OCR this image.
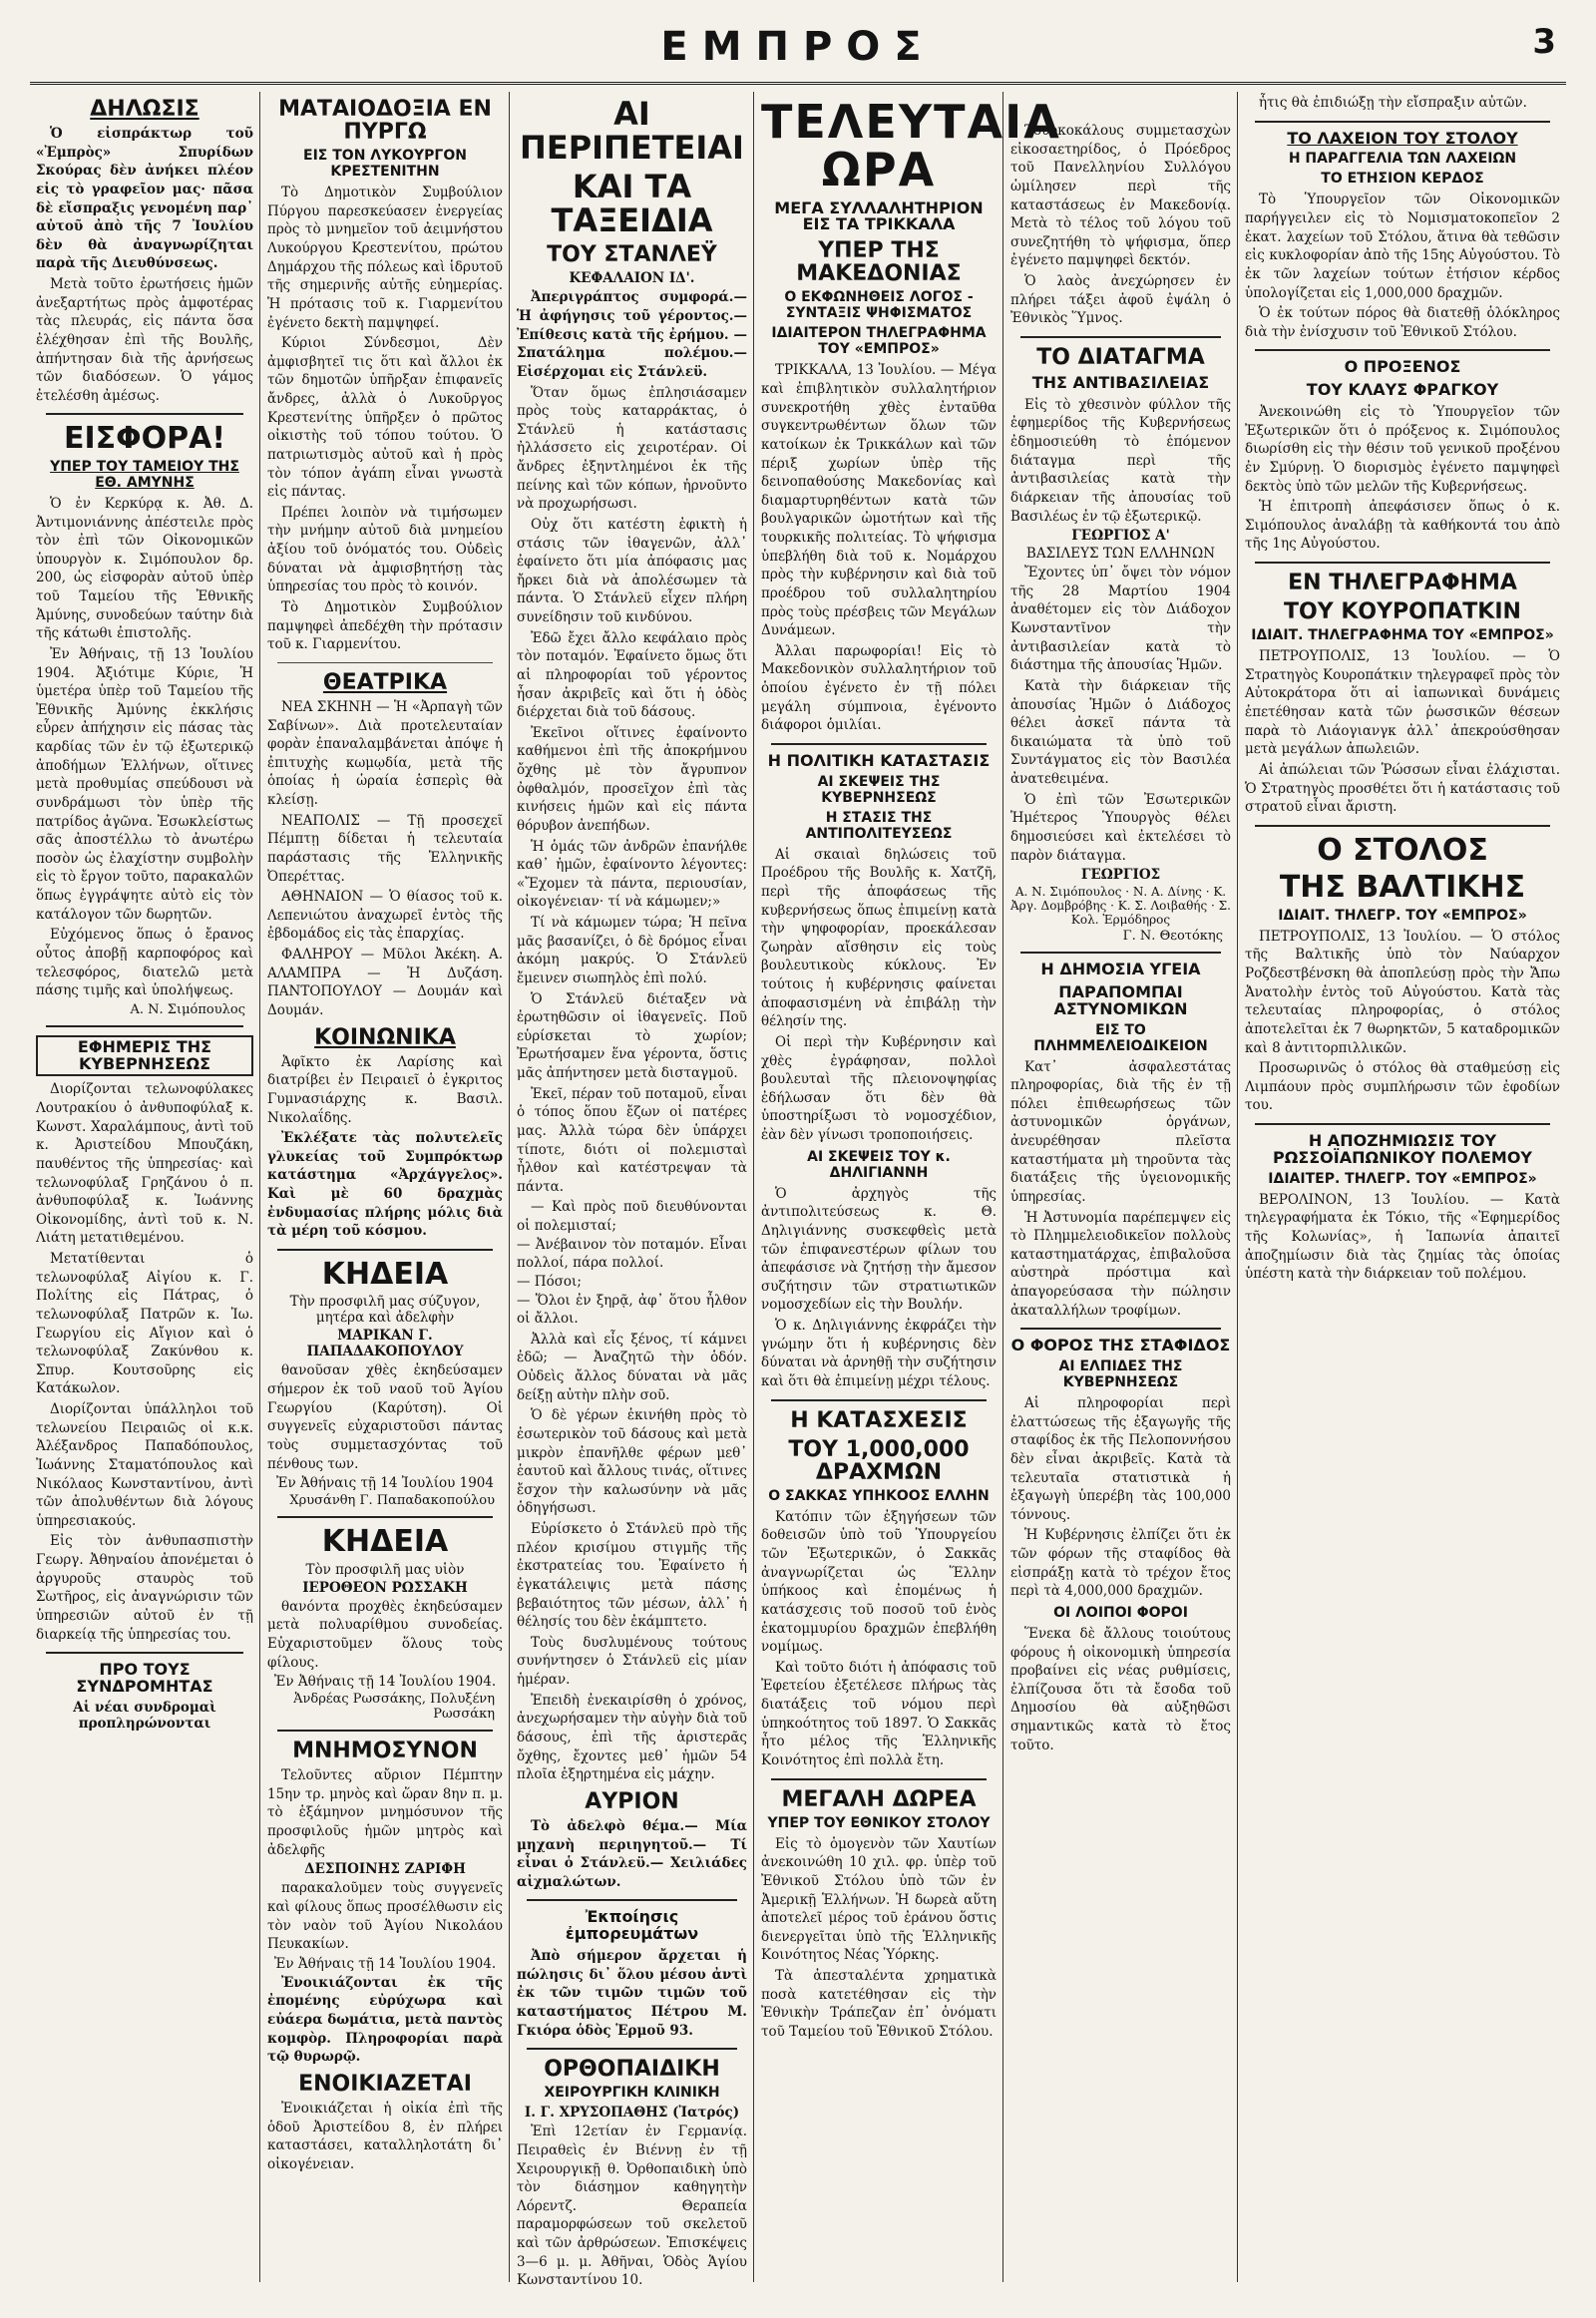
ΕΜΠΡΟΣ	3
ΔΗΛΩΣΙΣ
Ὁ εἰσπράκτωρ τοῦ «Ἐμπρὸς» Σπυρίδων Σκούρας δὲν ἀνήκει πλέον εἰς τὸ γραφεῖον μας· πᾶσα δὲ εἴσπραξις γενομένη παρ᾽ αὐτοῦ ἀπὸ τῆς 7 Ἰουλίου δὲν θὰ ἀναγνωρίζηται παρὰ τῆς Διευθύνσεως.
Μετὰ τοῦτο ἐρωτήσεις ἡμῶν ἀνεξαρτήτως πρὸς ἀμφοτέρας τὰς πλευράς, εἰς πάντα ὅσα ἐλέχθησαν ἐπὶ τῆς Βουλῆς, ἀπήντησαν διὰ τῆς ἀρνήσεως τῶν διαδόσεων. Ὁ γάμος ἐτελέσθη ἀμέσως.
ΕΙΣΦΟΡΑ!
ΥΠΕΡ ΤΟΥ ΤΑΜΕΙΟΥ ΤΗΣ ΕΘ. ΑΜΥΝΗΣ
Ὁ ἐν Κερκύρᾳ κ. Ἀθ. Δ. Ἀντιμονιάννης ἀπέστειλε πρὸς τὸν ἐπὶ τῶν Οἰκονομικῶν ὑπουργὸν κ. Σιμόπουλον δρ. 200, ὡς εἰσφορὰν αὐτοῦ ὑπὲρ τοῦ Ταμείου τῆς Ἐθνικῆς Ἀμύνης, συνοδεύων ταύτην διὰ τῆς κάτωθι ἐπιστολῆς.
Ἐν Ἀθήναις, τῇ 13 Ἰουλίου 1904. Ἀξιότιμε Κύριε, Ἡ ὑμετέρα ὑπὲρ τοῦ Ταμείου τῆς Ἐθνικῆς Ἀμύνης ἐκκλήσις εὗρεν ἀπήχησιν εἰς πάσας τὰς καρδίας τῶν ἐν τῷ ἐξωτερικῷ ἀποδήμων Ἑλλήνων, οἵτινες μετὰ προθυμίας σπεύδουσι νὰ συνδράμωσι τὸν ὑπὲρ τῆς πατρίδος ἀγῶνα. Ἐσωκλείστως σᾶς ἀποστέλλω τὸ ἀνωτέρω ποσὸν ὡς ἐλαχίστην συμβολὴν εἰς τὸ ἔργον τοῦτο, παρακαλῶν ὅπως ἐγγράψητε αὐτὸ εἰς τὸν κατάλογον τῶν δωρητῶν.
Εὐχόμενος ὅπως ὁ ἔρανος οὗτος ἀποβῇ καρποφόρος καὶ τελεσφόρος, διατελῶ μετὰ πάσης τιμῆς καὶ ὑπολήψεως.
Α. Ν. Σιμόπουλος
ΕΦΗΜΕΡΙΣ ΤΗΣ ΚΥΒΕΡΝΗΣΕΩΣ
Διορίζονται τελωνοφύλακες Λουτρακίου ὁ ἀνθυποφύλαξ κ. Κωνστ. Χαραλάμπους, ἀντὶ τοῦ κ. Ἀριστείδου Μπουζάκη, παυθέντος τῆς ὑπηρεσίας· καὶ τελωνοφύλαξ Γρηζάνου ὁ π. ἀνθυποφύλαξ κ. Ἰωάννης Οἰκονομίδης, ἀντὶ τοῦ κ. Ν. Λιάτη μετατιθεμένου.
Μετατίθενται ὁ τελωνοφύλαξ Αἰγίου κ. Γ. Πολίτης εἰς Πάτρας, ὁ τελωνοφύλαξ Πατρῶν κ. Ἰω. Γεωργίου εἰς Αἴγιον καὶ ὁ τελωνοφύλαξ Ζακύνθου κ. Σπυρ. Κουτσοῦρης εἰς Κατάκωλον.
Διορίζονται ὑπάλληλοι τοῦ τελωνείου Πειραιῶς οἱ κ.κ. Ἀλέξανδρος Παπαδόπουλος, Ἰωάννης Σταματόπουλος καὶ Νικόλαος Κωνσταντίνου, ἀντὶ τῶν ἀπολυθέντων διὰ λόγους ὑπηρεσιακούς.
Εἰς τὸν ἀνθυπασπιστὴν Γεωργ. Ἀθηναίου ἀπονέμεται ὁ ἀργυροῦς σταυρὸς τοῦ Σωτῆρος, εἰς ἀναγνώρισιν τῶν ὑπηρεσιῶν αὐτοῦ ἐν τῇ διαρκείᾳ τῆς ὑπηρεσίας του.
ΠΡΟ ΤΟΥΣ ΣΥΝΔΡΟΜΗΤΑΣ
Αἱ νέαι συνδρομαὶ προπληρώνονται
ΜΑΤΑΙΟΔΟΞΙΑ ΕΝ ΠΥΡΓΩ
ΕΙΣ ΤΟΝ ΛΥΚΟΥΡΓΟΝ ΚΡΕΣΤΕΝΙΤΗΝ
Τὸ Δημοτικὸν Συμβούλιον Πύργου παρεσκεύασεν ἐνεργείας πρὸς τὸ μνημεῖον τοῦ ἀειμνήστου Λυκούργου Κρεστενίτου, πρώτου Δημάρχου τῆς πόλεως καὶ ἱδρυτοῦ τῆς σημερινῆς αὐτῆς εὐημερίας. Ἡ πρότασις τοῦ κ. Γιαρμενίτου ἐγένετο δεκτὴ παμψηφεί.
Κύριοι Σύνδεσμοι, Δὲν ἀμφισβητεῖ τις ὅτι καὶ ἄλλοι ἐκ τῶν δημοτῶν ὑπῆρξαν ἐπιφανεῖς ἄνδρες, ἀλλὰ ὁ Λυκοῦργος Κρεστενίτης ὑπῆρξεν ὁ πρῶτος οἰκιστὴς τοῦ τόπου τούτου. Ὁ πατριωτισμὸς αὐτοῦ καὶ ἡ πρὸς τὸν τόπον ἀγάπη εἶναι γνωστὰ εἰς πάντας.
Πρέπει λοιπὸν νὰ τιμήσωμεν τὴν μνήμην αὐτοῦ διὰ μνημείου ἀξίου τοῦ ὀνόματός του. Οὐδεὶς δύναται νὰ ἀμφισβητήσῃ τὰς ὑπηρεσίας του πρὸς τὸ κοινόν.
Τὸ Δημοτικὸν Συμβούλιον παμψηφεὶ ἀπεδέχθη τὴν πρότασιν τοῦ κ. Γιαρμενίτου.
ΘΕΑΤΡΙΚΑ
ΝΕΑ ΣΚΗΝΗ — Ἡ «Ἀρπαγὴ τῶν Σαβίνων». Διὰ προτελευταίαν φορὰν ἐπαναλαμβάνεται ἀπόψε ἡ ἐπιτυχὴς κωμῳδία, μετὰ τῆς ὁποίας ἡ ὡραία ἑσπερὶς θὰ κλείσῃ.
ΝΕΑΠΟΛΙΣ — Τῇ προσεχεῖ Πέμπτῃ δίδεται ἡ τελευταία παράστασις τῆς Ἑλληνικῆς Ὀπερέττας.
ΑΘΗΝΑΙΟΝ — Ὁ θίασος τοῦ κ. Λεπενιώτου ἀναχωρεῖ ἐντὸς τῆς ἑβδομάδος εἰς τὰς ἐπαρχίας.
ΦΑΛΗΡΟΥ — Μῦλοι Ἀκέκη. Α. ΑΛΑΜΠΡΑ — Ἡ Δυζάση. ΠΑΝΤΟΠΟΥΛΟΥ — Δουμάν καὶ Δουμάν.
ΚΟΙΝΩΝΙΚΑ
Ἀφῖκτο ἐκ Λαρίσης καὶ διατρίβει ἐν Πειραιεῖ ὁ ἐγκριτος Γυμνασιάρχης κ. Βασιλ. Νικολαΐδης.
Ἐκλέξατε τὰς πολυτελεῖς γλυκείας τοῦ Συμπρόκτωρ κατάστημα «Ἀρχάγγελος». Καὶ μὲ 60 δραχμὰς ἐνδυμασίας πλήρης μόλις διὰ τὰ μέρη τοῦ κόσμου.
ΚΗΔΕΙΑ
Τὴν προσφιλῆ μας σύζυγον, μητέρα καὶ ἀδελφὴν
ΜΑΡΙΚΑΝ Γ. ΠΑΠΑΔΑΚΟΠΟΥΛΟΥ
θανοῦσαν χθὲς ἐκηδεύσαμεν σήμερον ἐκ τοῦ ναοῦ τοῦ Ἁγίου Γεωργίου (Καρύτση). Οἱ συγγενεῖς εὐχαριστοῦσι πάντας τοὺς συμμετασχόντας τοῦ πένθους των.
Ἐν Ἀθήναις τῇ 14 Ἰουλίου 1904
Χρυσάνθη Γ. Παπαδακοπούλου
ΚΗΔΕΙΑ
Τὸν προσφιλῆ μας υἱὸν
ΙΕΡΟΘΕΟΝ ΡΩΣΣΑΚΗ
θανόντα προχθὲς ἐκηδεύσαμεν μετὰ πολυαρίθμου συνοδείας. Εὐχαριστοῦμεν ὅλους τοὺς φίλους.
Ἐν Ἀθήναις τῇ 14 Ἰουλίου 1904.
Ἀνδρέας Ρωσσάκης, Πολυξένη Ρωσσάκη
ΜΝΗΜΟΣΥΝΟΝ
Τελοῦντες αὔριον Πέμπτην 15ην τρ. μηνὸς καὶ ὥραν 8ην π. μ. τὸ ἑξάμηνον μνημόσυνον τῆς προσφιλοῦς ἡμῶν μητρὸς καὶ ἀδελφῆς
ΔΕΣΠΟΙΝΗΣ ΖΑΡΙΦΗ
παρακαλοῦμεν τοὺς συγγενεῖς καὶ φίλους ὅπως προσέλθωσιν εἰς τὸν ναὸν τοῦ Ἁγίου Νικολάου Πευκακίων.
Ἐν Ἀθήναις τῇ 14 Ἰουλίου 1904.
Ἐνοικιάζονται ἐκ τῆς ἐπομένης εὐρύχωρα καὶ εὐάερα δωμάτια, μετὰ παντὸς κομφὸρ. Πληροφορίαι παρὰ τῷ θυρωρῷ.
ΕΝΟΙΚΙΑΖΕΤΑΙ
Ἐνοικιάζεται ἡ οἰκία ἐπὶ τῆς ὁδοῦ Ἀριστείδου 8, ἐν πλήρει καταστάσει, καταλληλοτάτη δι᾽ οἰκογένειαν.
ΑΙ ΠΕΡΙΠΕΤΕΙΑΙ
ΚΑΙ ΤΑ ΤΑΞΕΙΔΙΑ
ΤΟΥ ΣΤΑΝΛΕΫ
ΚΕΦΑΛΑΙΟΝ ΙΔ'.
Ἀπεριγράπτος συμφορά.— Ἡ ἀφήγησις τοῦ γέροντος.— Ἐπίθεσις κατὰ τῆς ἐρήμου. — Σπατάλημα πολέμου.— Εἰσέρχομαι εἰς Στάνλεϋ.
Ὅταν ὅμως ἐπλησιάσαμεν πρὸς τοὺς καταρράκτας, ὁ Στάνλεϋ ἡ κατάστασις ἠλλάσσετο εἰς χειροτέραν. Οἱ ἄνδρες ἐξηντλημένοι ἐκ τῆς πείνης καὶ τῶν κόπων, ἠρνοῦντο νὰ προχωρήσωσι.
Οὐχ ὅτι κατέστη ἐφικτὴ ἡ στάσις τῶν ἰθαγενῶν, ἀλλ᾽ ἐφαίνετο ὅτι μία ἀπόφασις μας ἤρκει διὰ νὰ ἀπολέσωμεν τὰ πάντα. Ὁ Στάνλεϋ εἶχεν πλήρη συνείδησιν τοῦ κινδύνου.
Ἐδῶ ἔχει ἄλλο κεφάλαιο πρὸς τὸν ποταμόν. Ἐφαίνετο ὅμως ὅτι αἱ πληροφορίαι τοῦ γέροντος ἦσαν ἀκριβεῖς καὶ ὅτι ἡ ὁδὸς διέρχεται διὰ τοῦ δάσους.
Ἐκεῖνοι οἵτινες ἐφαίνοντο καθήμενοι ἐπὶ τῆς ἀποκρήμνου ὄχθης μὲ τὸν ἄγρυπνον ὀφθαλμόν, προσεῖχον ἐπὶ τὰς κινήσεις ἡμῶν καὶ εἰς πάντα θόρυβον ἀνεπήδων.
Ἡ ὁμάς τῶν ἀνδρῶν ἐπανήλθε καθ᾽ ἡμῶν, ἐφαίνοντο λέγοντες: «Ἔχομεν τὰ πάντα, περιουσίαν, οἰκογένειαν· τί νὰ κάμωμεν;»
Τί νὰ κάμωμεν τώρα; Ἡ πεῖνα μᾶς βασανίζει, ὁ δὲ δρόμος εἶναι ἀκόμη μακρύς. Ὁ Στάνλεϋ ἔμεινεν σιωπηλὸς ἐπὶ πολύ.
Ὁ Στάνλεϋ διέταξεν νὰ ἐρωτηθῶσιν οἱ ἰθαγενεῖς. Ποῦ εὑρίσκεται τὸ χωρίον; Ἐρωτήσαμεν ἕνα γέροντα, ὅστις μᾶς ἀπήντησεν μετὰ δισταγμοῦ.
Ἐκεῖ, πέραν τοῦ ποταμοῦ, εἶναι ὁ τόπος ὅπου ἔζων οἱ πατέρες μας. Ἀλλὰ τώρα δὲν ὑπάρχει τίποτε, διότι οἱ πολεμισταὶ ἦλθον καὶ κατέστρεψαν τὰ πάντα.
— Καὶ πρὸς ποῦ διευθύνονται οἱ πολεμισταί;
— Ἀνέβαινον τὸν ποταμόν. Εἶναι πολλοί, πάρα πολλοί.
— Πόσοι;
— Ὅλοι ἐν ξηρᾷ, ἀφ᾽ ὅτου ἦλθον οἱ ἄλλοι.
Ἀλλὰ καὶ εἶς ξένος, τί κάμνει ἐδῶ; — Ἀναζητῶ τὴν ὁδόν. Οὐδεὶς ἄλλος δύναται νὰ μᾶς δείξῃ αὐτὴν πλὴν σοῦ.
Ὁ δὲ γέρων ἐκινήθη πρὸς τὸ ἐσωτερικὸν τοῦ δάσους καὶ μετὰ μικρὸν ἐπανῆλθε φέρων μεθ᾽ ἑαυτοῦ καὶ ἄλλους τινάς, οἵτινες ἔσχον τὴν καλωσύνην νὰ μᾶς ὁδηγήσωσι.
Εὑρίσκετο ὁ Στάνλεϋ πρὸ τῆς πλέον κρισίμου στιγμῆς τῆς ἐκστρατείας του. Ἐφαίνετο ἡ ἐγκατάλειψις μετὰ πάσης βεβαιότητος τῶν μέσων, ἀλλ᾽ ἡ θέλησίς του δὲν ἐκάμπτετο.
Τοὺς δυσλυμένους τούτους συνήντησεν ὁ Στάνλεϋ εἰς μίαν ἡμέραν.
Ἐπειδὴ ἐνεκαιρίσθη ὁ χρόνος, ἀνεχωρήσαμεν τὴν αὐγὴν διὰ τοῦ δάσους, ἐπὶ τῆς ἀριστερᾶς ὄχθης, ἔχοντες μεθ᾽ ἡμῶν 54 πλοῖα ἐξηρτημένα εἰς μάχην.
ΑΥΡΙΟΝ
Τὸ ἀδελφὸ θέμα.— Μία μηχανὴ περιηγητοῦ.— Τί εἶναι ὁ Στάνλεϋ.— Χειλιάδες αἰχμαλώτων.
Ἐκποίησις ἐμπορευμάτων
Ἀπὸ σήμερον ἄρχεται ἡ πώλησις δι᾽ ὅλου μέσου ἀντὶ ἐκ τῶν τιμῶν τιμῶν τοῦ καταστήματος Πέτρου Μ. Γκιόρα ὁδὸς Ἑρμοῦ 93.
ΟΡΘΟΠΑΙΔΙΚΗ
ΧΕΙΡΟΥΡΓΙΚΗ ΚΛΙΝΙΚΗ
Ι. Γ. ΧΡΥΣΟΠΑΘΗΣ (Ἰατρός)
Ἐπὶ 12ετίαν ἐν Γερμανίᾳ. Πειραθεὶς ἐν Βιέννῃ ἐν τῇ Χειρουργικῇ θ. Ὀρθοπαιδικὴ ὑπὸ τὸν διάσημον καθηγητὴν Λόρεντζ. Θεραπεία παραμορφώσεων τοῦ σκελετοῦ καὶ τῶν ἀρθρώσεων. Ἐπισκέψεις 3—6 μ. μ. Ἀθῆναι, Ὁδὸς Ἁγίου Κωνσταντίνου 10.
ΤΕΛΕΥΤΑΙΑ ΩΡΑ
ΜΕΓΑ ΣΥΛΛΑΛΗΤΗΡΙΟΝ ΕΙΣ ΤΑ ΤΡΙΚΚΑΛΑ
ΥΠΕΡ ΤΗΣ ΜΑΚΕΔΟΝΙΑΣ
Ο ΕΚΦΩΝΗΘΕΙΣ ΛΟΓΟΣ - ΣΥΝΤΑΞΙΣ ΨΗΦΙΣΜΑΤΟΣ
ΙΔΙΑΙΤΕΡΟΝ ΤΗΛΕΓΡΑΦΗΜΑ ΤΟΥ «ΕΜΠΡΟΣ»
ΤΡΙΚΚΑΛΑ, 13 Ἰουλίου. — Μέγα καὶ ἐπιβλητικὸν συλλαλητήριον συνεκροτήθη χθὲς ἐνταῦθα συγκεντρωθέντων ὅλων τῶν κατοίκων ἐκ Τρικκάλων καὶ τῶν πέριξ χωρίων ὑπὲρ τῆς δεινοπαθούσης Μακεδονίας καὶ διαμαρτυρηθέντων κατὰ τῶν βουλγαρικῶν ὠμοτήτων καὶ τῆς τουρκικῆς πολιτείας. Τὸ ψήφισμα ὑπεβλήθη διὰ τοῦ κ. Νομάρχου πρὸς τὴν κυβέρνησιν καὶ διὰ τοῦ προέδρου τοῦ συλλαλητηρίου πρὸς τοὺς πρέσβεις τῶν Μεγάλων Δυνάμεων.
Ἀλλαι παρωφορίαι! Εἰς τὸ Μακεδονικὸν συλλαλητήριον τοῦ ὁποίου ἐγένετο ἐν τῇ πόλει μεγάλη σύμπνοια, ἐγένοντο διάφοροι ὁμιλίαι.
Η ΠΟΛΙΤΙΚΗ ΚΑΤΑΣΤΑΣΙΣ
ΑΙ ΣΚΕΨΕΙΣ ΤΗΣ ΚΥΒΕΡΝΗΣΕΩΣ
Η ΣΤΑΣΙΣ ΤΗΣ ΑΝΤΙΠΟΛΙΤΕΥΣΕΩΣ
Αἱ σκαιαὶ δηλώσεις τοῦ Προέδρου τῆς Βουλῆς κ. Χατζῆ, περὶ τῆς ἀποφάσεως τῆς κυβερνήσεως ὅπως ἐπιμείνῃ κατὰ τὴν ψηφοφορίαν, προεκάλεσαν ζωηρὰν αἴσθησιν εἰς τοὺς βουλευτικοὺς κύκλους. Ἐν τούτοις ἡ κυβέρνησις φαίνεται ἀποφασισμένη νὰ ἐπιβάλῃ τὴν θέλησίν της.
Οἱ περὶ τὴν Κυβέρνησιν καὶ χθὲς ἐγράφησαν, πολλοὶ βουλευταὶ τῆς πλειονοψηφίας ἐδήλωσαν ὅτι δὲν θὰ ὑποστηρίξωσι τὸ νομοσχέδιον, ἐὰν δὲν γίνωσι τροποποιήσεις.
ΑΙ ΣΚΕΨΕΙΣ ΤΟΥ κ. ΔΗΛΙΓΙΑΝΝΗ
Ὁ ἀρχηγὸς τῆς ἀντιπολιτεύσεως κ. Θ. Δηλιγιάννης συσκεφθεὶς μετὰ τῶν ἐπιφανεστέρων φίλων του ἀπεφάσισε νὰ ζητήσῃ τὴν ἄμεσον συζήτησιν τῶν στρατιωτικῶν νομοσχεδίων εἰς τὴν Βουλήν.
Ὁ κ. Δηλιγιάννης ἐκφράζει τὴν γνώμην ὅτι ἡ κυβέρνησις δὲν δύναται νὰ ἀρνηθῇ τὴν συζήτησιν καὶ ὅτι θὰ ἐπιμείνῃ μέχρι τέλους.
Η ΚΑΤΑΣΧΕΣΙΣ
ΤΟΥ 1,000,000 ΔΡΑΧΜΩΝ
Ο ΣΑΚΚΑΣ ΥΠΗΚΟΟΣ ΕΛΛΗΝ
Κατόπιν τῶν ἐξηγήσεων τῶν δοθεισῶν ὑπὸ τοῦ Ὑπουργείου τῶν Ἐξωτερικῶν, ὁ Σακκᾶς ἀναγνωρίζεται ὡς Ἕλλην ὑπήκοος καὶ ἐπομένως ἡ κατάσχεσις τοῦ ποσοῦ τοῦ ἑνὸς ἑκατομμυρίου δραχμῶν ἐπεβλήθη νομίμως.
Καὶ τοῦτο διότι ἡ ἀπόφασις τοῦ Ἐφετείου ἐξετέλεσε πλήρως τὰς διατάξεις τοῦ νόμου περὶ ὑπηκοότητος τοῦ 1897. Ὁ Σακκᾶς ἦτο μέλος τῆς Ἑλληνικῆς Κοινότητος ἐπὶ πολλὰ ἔτη.
ΜΕΓΑΛΗ ΔΩΡΕΑ
ΥΠΕΡ ΤΟΥ ΕΘΝΙΚΟΥ ΣΤΟΛΟΥ
Εἰς τὸ ὁμογενὸν τῶν Χαυτίων ἀνεκοινώθη 10 χιλ. φρ. ὑπὲρ τοῦ Ἐθνικοῦ Στόλου ὑπὸ τῶν ἐν Ἀμερικῇ Ἑλλήνων. Ἡ δωρεὰ αὕτη ἀποτελεῖ μέρος τοῦ ἐράνου ὅστις διενεργεῖται ὑπὸ τῆς Ἑλληνικῆς Κοινότητος Νέας Ὑόρκης.
Τὰ ἀπεσταλέντα χρηματικὰ ποσὰ κατετέθησαν εἰς τὴν Ἐθνικὴν Τράπεζαν ἐπ᾽ ὀνόματι τοῦ Ταμείου τοῦ Ἐθνικοῦ Στόλου.
Τουρκοκάλους συμμετασχὼν εἰκοσαετηρίδος, ὁ Πρόεδρος τοῦ Πανελληνίου Συλλόγου ὡμίλησεν περὶ τῆς καταστάσεως ἐν Μακεδονίᾳ. Μετὰ τὸ τέλος τοῦ λόγου τοῦ συνεζητήθη τὸ ψήφισμα, ὅπερ ἐγένετο παμψηφεὶ δεκτόν.
Ὁ λαὸς ἀνεχώρησεν ἐν πλήρει τάξει ἀφοῦ ἐψάλη ὁ Ἐθνικὸς Ὕμνος.
ΤΟ ΔΙΑΤΑΓΜΑ
ΤΗΣ ΑΝΤΙΒΑΣΙΛΕΙΑΣ
Εἰς τὸ χθεσινὸν φύλλον τῆς ἐφημερίδος τῆς Κυβερνήσεως ἐδημοσιεύθη τὸ ἑπόμενον διάταγμα περὶ τῆς ἀντιβασιλείας κατὰ τὴν διάρκειαν τῆς ἀπουσίας τοῦ Βασιλέως ἐν τῷ ἐξωτερικῷ.
ΓΕΩΡΓΙΟΣ Α'
ΒΑΣΙΛΕΥΣ ΤΩΝ ΕΛΛΗΝΩΝ
Ἔχοντες ὑπ᾽ ὄψει τὸν νόμον τῆς 28 Μαρτίου 1904 ἀναθέτομεν εἰς τὸν Διάδοχον Κωνσταντῖνον τὴν ἀντιβασιλείαν κατὰ τὸ διάστημα τῆς ἀπουσίας Ἡμῶν.
Κατὰ τὴν διάρκειαν τῆς ἀπουσίας Ἡμῶν ὁ Διάδοχος θέλει ἀσκεῖ πάντα τὰ δικαιώματα τὰ ὑπὸ τοῦ Συντάγματος εἰς τὸν Βασιλέα ἀνατεθειμένα.
Ὁ ἐπὶ τῶν Ἐσωτερικῶν Ἡμέτερος Ὑπουργὸς θέλει δημοσιεύσει καὶ ἐκτελέσει τὸ παρὸν διάταγμα.
ΓΕΩΡΓΙΟΣ
Α. Ν. Σιμόπουλος · Ν. Α. Δίνης · Κ. Ἀργ. Δομβρόβης · Κ. Σ. Λοιβαθής · Σ. Κολ. Ἐρμόδηρος
Γ. Ν. Θεοτόκης
Η ΔΗΜΟΣΙΑ ΥΓΕΙΑ
ΠΑΡΑΠΟΜΠΑΙ ΑΣΤΥΝΟΜΙΚΩΝ
ΕΙΣ ΤΟ ΠΛΗΜΜΕΛΕΙΟΔΙΚΕΙΟΝ
Κατ᾽ ἀσφαλεστάτας πληροφορίας, διὰ τῆς ἐν τῇ πόλει ἐπιθεωρήσεως τῶν ἀστυνομικῶν ὀργάνων, ἀνευρέθησαν πλεῖστα καταστήματα μὴ τηροῦντα τὰς διατάξεις τῆς ὑγειονομικῆς ὑπηρεσίας.
Ἡ Ἀστυνομία παρέπεμψεν εἰς τὸ Πλημμελειοδικεῖον πολλοὺς καταστηματάρχας, ἐπιβαλοῦσα αὐστηρὰ πρόστιμα καὶ ἀπαγορεύσασα τὴν πώλησιν ἀκαταλλήλων τροφίμων.
Ο ΦΟΡΟΣ ΤΗΣ ΣΤΑΦΙΔΟΣ
ΑΙ ΕΛΠΙΔΕΣ ΤΗΣ ΚΥΒΕΡΝΗΣΕΩΣ
Αἱ πληροφορίαι περὶ ἐλαττώσεως τῆς ἐξαγωγῆς τῆς σταφίδος ἐκ τῆς Πελοποννήσου δὲν εἶναι ἀκριβεῖς. Κατὰ τὰ τελευταῖα στατιστικὰ ἡ ἐξαγωγὴ ὑπερέβη τὰς 100,000 τόννους.
Ἡ Κυβέρνησις ἐλπίζει ὅτι ἐκ τῶν φόρων τῆς σταφίδος θὰ εἰσπράξῃ κατὰ τὸ τρέχον ἔτος περὶ τὰ 4,000,000 δραχμῶν.
ΟΙ ΛΟΙΠΟΙ ΦΟΡΟΙ
Ἕνεκα δὲ ἄλλους τοιούτους φόρους ἡ οἰκονομικὴ ὑπηρεσία προβαίνει εἰς νέας ρυθμίσεις, ἐλπίζουσα ὅτι τὰ ἔσοδα τοῦ Δημοσίου θὰ αὐξηθῶσι σημαντικῶς κατὰ τὸ ἔτος τοῦτο.
ἧτις θὰ ἐπιδιώξῃ τὴν εἴσπραξιν αὐτῶν.
ΤΟ ΛΑΧΕΙΟΝ ΤΟΥ ΣΤΟΛΟΥ
Η ΠΑΡΑΓΓΕΛΙΑ ΤΩΝ ΛΑΧΕΙΩΝ
ΤΟ ΕΤΗΣΙΟΝ ΚΕΡΔΟΣ
Τὸ Ὑπουργεῖον τῶν Οἰκονομικῶν παρήγγειλεν εἰς τὸ Νομισματοκοπεῖον 2 ἑκατ. λαχείων τοῦ Στόλου, ἅτινα θὰ τεθῶσιν εἰς κυκλοφορίαν ἀπὸ τῆς 15ης Αὐγούστου. Τὸ ἐκ τῶν λαχείων τούτων ἐτήσιον κέρδος ὑπολογίζεται εἰς 1,000,000 δραχμῶν.
Ὁ ἐκ τούτων πόρος θὰ διατεθῇ ὁλόκληρος διὰ τὴν ἐνίσχυσιν τοῦ Ἐθνικοῦ Στόλου.
Ο ΠΡΟΞΕΝΟΣ
ΤΟΥ ΚΛΑΥΣ ΦΡΑΓΚΟΥ
Ἀνεκοινώθη εἰς τὸ Ὑπουργεῖον τῶν Ἐξωτερικῶν ὅτι ὁ πρόξενος κ. Σιμόπουλος διωρίσθη εἰς τὴν θέσιν τοῦ γενικοῦ προξένου ἐν Σμύρνῃ. Ὁ διορισμὸς ἐγένετο παμψηφεὶ δεκτὸς ὑπὸ τῶν μελῶν τῆς Κυβερνήσεως.
Ἡ ἐπιτροπὴ ἀπεφάσισεν ὅπως ὁ κ. Σιμόπουλος ἀναλάβῃ τὰ καθήκοντά του ἀπὸ τῆς 1ης Αὐγούστου.
ΕΝ ΤΗΛΕΓΡΑΦΗΜΑ
ΤΟΥ ΚΟΥΡΟΠΑΤΚΙΝ
ΙΔΙΑΙΤ. ΤΗΛΕΓΡΑΦΗΜΑ ΤΟΥ «ΕΜΠΡΟΣ»
ΠΕΤΡΟΥΠΟΛΙΣ, 13 Ἰουλίου. — Ὁ Στρατηγὸς Κουροπάτκιν τηλεγραφεῖ πρὸς τὸν Αὐτοκράτορα ὅτι αἱ ἰαπωνικαὶ δυνάμεις ἐπετέθησαν κατὰ τῶν ῥωσσικῶν θέσεων παρὰ τὸ Λιάογιανγκ ἀλλ᾽ ἀπεκρούσθησαν μετὰ μεγάλων ἀπωλειῶν.
Αἱ ἀπώλειαι τῶν Ῥώσσων εἶναι ἐλάχισται. Ὁ Στρατηγὸς προσθέτει ὅτι ἡ κατάστασις τοῦ στρατοῦ εἶναι ἄριστη.
Ο ΣΤΟΛΟΣ
ΤΗΣ ΒΑΛΤΙΚΗΣ
ΙΔΙΑΙΤ. ΤΗΛΕΓΡ. ΤΟΥ «ΕΜΠΡΟΣ»
ΠΕΤΡΟΥΠΟΛΙΣ, 13 Ἰουλίου. — Ὁ στόλος τῆς Βαλτικῆς ὑπὸ τὸν Ναύαρχον Ροζδεστβένσκη θὰ ἀποπλεύσῃ πρὸς τὴν Ἄπω Ἀνατολὴν ἐντὸς τοῦ Αὐγούστου. Κατὰ τὰς τελευταίας πληροφορίας, ὁ στόλος ἀποτελεῖται ἐκ 7 θωρηκτῶν, 5 καταδρομικῶν καὶ 8 ἀντιτορπιλλικῶν.
Προσωρινῶς ὁ στόλος θὰ σταθμεύσῃ εἰς Λιμπάουν πρὸς συμπλήρωσιν τῶν ἐφοδίων του.
Η ΑΠΟΖΗΜΙΩΣΙΣ ΤΟΥ ΡΩΣΣΟΪΑΠΩΝΙΚΟΥ ΠΟΛΕΜΟΥ
ΙΔΙΑΙΤΕΡ. ΤΗΛΕΓΡ. ΤΟΥ «ΕΜΠΡΟΣ»
ΒΕΡΟΛΙΝΟΝ, 13 Ἰουλίου. — Κατὰ τηλεγραφήματα ἐκ Τόκιο, τῆς «Ἐφημερίδος τῆς Κολωνίας», ἡ Ἰαπωνία ἀπαιτεῖ ἀποζημίωσιν διὰ τὰς ζημίας τὰς ὁποίας ὑπέστη κατὰ τὴν διάρκειαν τοῦ πολέμου.
